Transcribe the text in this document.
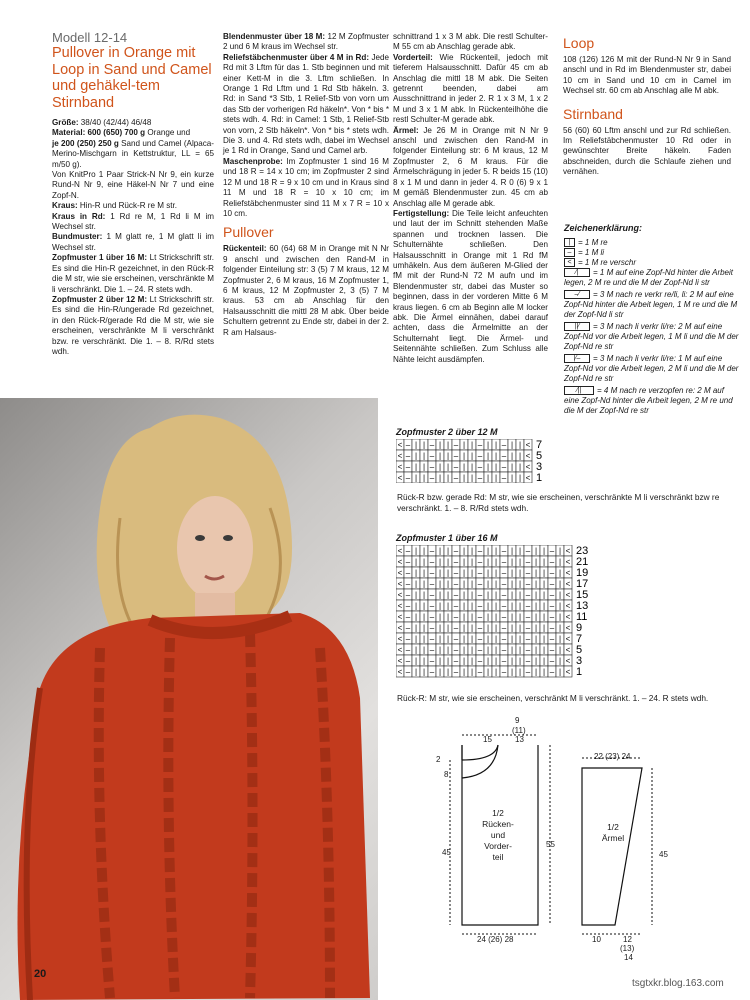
Modell 12-14
Pullover in Orange mit Loop in Sand und Camel und gehäkel-tem Stirnband

Größe: 38/40 (42/44) 46/48

Material: 600 (650) 700 g Orange und

je 200 (250) 250 g Sand und Camel (Alpaca-Merino-Mischgarn in Kettstruktur, LL = 65 m/50 g).

Von KnitPro 1 Paar Strick-N Nr 9, ein kurze Rund-N Nr 9, eine Häkel-N Nr 7 und eine Zopf-N.

Kraus: Hin-R und Rück-R re M str.

Kraus in Rd: 1 Rd re M, 1 Rd li M im Wechsel str.

Bundmuster: 1 M glatt re, 1 M glatt li im Wechsel str.

Zopfmuster 1 über 16 M: Lt Strickschrift str. Es sind die Hin-R gezeichnet, in den Rück-R die M str, wie sie erscheinen, verschränkte M li verschränkt. Die 1. – 24. R stets wdh.

Zopfmuster 2 über 12 M: Lt Strickschrift str. Es sind die Hin-R/ungerade Rd gezeichnet, in den Rück-R/gerade Rd die M str, wie sie erscheinen, verschränkte M li verschränkt bzw. re verschränkt. Die 1. – 8. R/Rd stets wdh.

Blendenmuster über 18 M: 12 M Zopfmuster 2 und 6 M kraus im Wechsel str.

Reliefstäbchenmuster über 4 M in Rd: Jede Rd mit 3 Lftm für das 1. Stb beginnen und mit einer Kett-M in die 3. Lftm schließen. In Orange 1 Rd Lftm und 1 Rd Stb häkeln. 3. Rd: in Sand *3 Stb, 1 Relief-Stb von vorn um das Stb der vorherigen Rd häkeln*. Von * bis * stets wdh. 4. Rd: in Camel: 1 Stb, 1 Relief-Stb von vorn, 2 Stb häkeln*. Von * bis * stets wdh. Die 3. und 4. Rd stets wdh, dabei im Wechsel je 1 Rd in Orange, Sand und Camel arb.

Maschenprobe: Im Zopfmuster 1 sind 16 M und 18 R = 14 x 10 cm; im Zopfmuster 2 sind 12 M und 18 R = 9 x 10 cm und in Kraus sind 11 M und 18 R = 10 x 10 cm; im Reliefstäbchenmuster sind 11 M x 7 R = 10 x 10 cm.

Pullover

Rückenteil: 60 (64) 68 M in Orange mit N Nr 9 anschl und zwischen den Rand-M in folgender Einteilung str: 3 (5) 7 M kraus, 12 M Zopfmuster 2, 6 M kraus, 16 M Zopfmuster 1, 6 M kraus, 12 M Zopfmuster 2, 3 (5) 7 M kraus. 53 cm ab Anschlag für den Halsausschnitt die mittl 28 M abk. Über beide Schultern getrennt zu Ende str, dabei in der 2. R am Halsaus-

schnittrand 1 x 3 M abk. Die restl Schulter-M 55 cm ab Anschlag gerade abk.

Vorderteil: Wie Rückenteil, jedoch mit tieferem Halsausschnitt. Dafür 45 cm ab Anschlag die mittl 18 M abk. Die Seiten getrennt beenden, dabei am Ausschnittrand in jeder 2. R 1 x 3 M, 1 x 2 M und 3 x 1 M abk. In Rückenteilhöhe die restl Schulter-M gerade abk.

Ärmel: Je 26 M in Orange mit N Nr 9 anschl und zwischen den Rand-M in folgender Einteilung str: 6 M kraus, 12 M Zopfmuster 2, 6 M kraus. Für die Ärmelschrägung in jeder 5. R beids 15 (10) 8 x 1 M und dann in jeder 4. R 0 (6) 9 x 1 M gemäß Blendenmuster zun. 45 cm ab Anschlag alle M gerade abk.

Fertigstellung: Die Teile leicht anfeuchten und laut der im Schnitt stehenden Maße spannen und trocknen lassen. Die Schulternähte schließen. Den Halsausschnitt in Orange mit 1 Rd fM umhäkeln. Aus dem äußeren M-Glied der fM mit der Rund-N 72 M aufn und im Blendenmuster str, dabei das Muster so beginnen, dass in der vorderen Mitte 6 M kraus liegen. 6 cm ab Beginn alle M locker abk. Die Ärmel einnähen, dabei darauf achten, dass die Ärmelmitte an der Schulternaht liegt. Die Ärmel- und Seitennähte schließen. Zum Schluss alle Nähte leicht ausdämpfen.

Loop

108 (126) 126 M mit der Rund-N Nr 9 in Sand anschl und in Rd im Blendenmuster str, dabei 10 cm in Sand und 10 cm in Camel im Wechsel str. 60 cm ab Anschlag alle M abk.

Stirnband

56 (60) 60 Lftm anschl und zur Rd schließen. Im Reliefstäbchenmuster 10 Rd oder in gewünschter Breite häkeln. Faden abschneiden, durch die Schlaufe ziehen und vernähen.

Zeichenerklärung:
| = 1 M re
– = 1 M li
< = 1 M re verschr
⁄| = 1 M auf eine Zopf-Nd hinter die Arbeit legen, 2 M re und die M der Zopf-Nd li str
–⁄ = 3 M nach re verkr re/li, li: 2 M auf eine Zopf-Nd hinter die Arbeit legen, 1 M re und die M der Zopf-Nd li str
||⁄ = 3 M nach li verkr li/re: 2 M auf eine Zopf-Nd vor die Arbeit legen, 1 M li und die M der Zopf-Nd re str
|⁄– = 3 M nach li verkr li/re: 1 M auf eine Zopf-Nd vor die Arbeit legen, 2 M li und die M der Zopf-Nd re str
⁄|| = 4 M nach re verzopfen re: 2 M auf eine Zopf-Nd hinter die Arbeit legen, 2 M re und die M der Zopf-Nd re str
Zopfmuster 2 über 12 M
< – | | – | | – | | – | | – | | < 7
< – | | – | | – | | – | | – | | < 5
< – | | – | | – | | – | | – | | < 3
< – | | – | | – | | – | | – | | < 1
Rück-R bzw. gerade Rd: M str, wie sie erscheinen, verschränkte M li verschränkt bzw re verschränkt. 1. – 8. R/Rd stets wdh.
Zopfmuster 1 über 16 M
< – | | – | | – | | – | | – | | – | | – | < 23
< – | | – | | – | | – | | – | | – | | – | < 21
< – | | – | | – | | – | | – | | – | | – | < 19
< – | | – | | – | | – | | – | | – | | – | < 17
< – | | – | | – | | – | | – | | – | | – | < 15
< – | | – | | – | | – | | – | | – | | – | < 13
< – | | – | | – | | – | | – | | – | | – | < 11
< – | | – | | – | | – | | – | | – | | – | < 9
< – | | – | | – | | – | | – | | – | | – | < 7
< – | | – | | – | | – | | – | | – | | – | < 5
< – | | – | | – | | – | | – | | – | | – | < 3
< – | | – | | – | | – | | – | | – | | – | < 1
Rück-R: M str, wie sie erscheinen, verschränkt M li verschränkt. 1. – 24. R stets wdh.
15
9
(11)
13
2
8
45
55
24 (26) 28
1/2
Rücken-
und
Vorder-
teil
22 (23) 24
45
10	12
(13)
14
1/2
Ärmel
20
tsgtxkr.blog.163.com
